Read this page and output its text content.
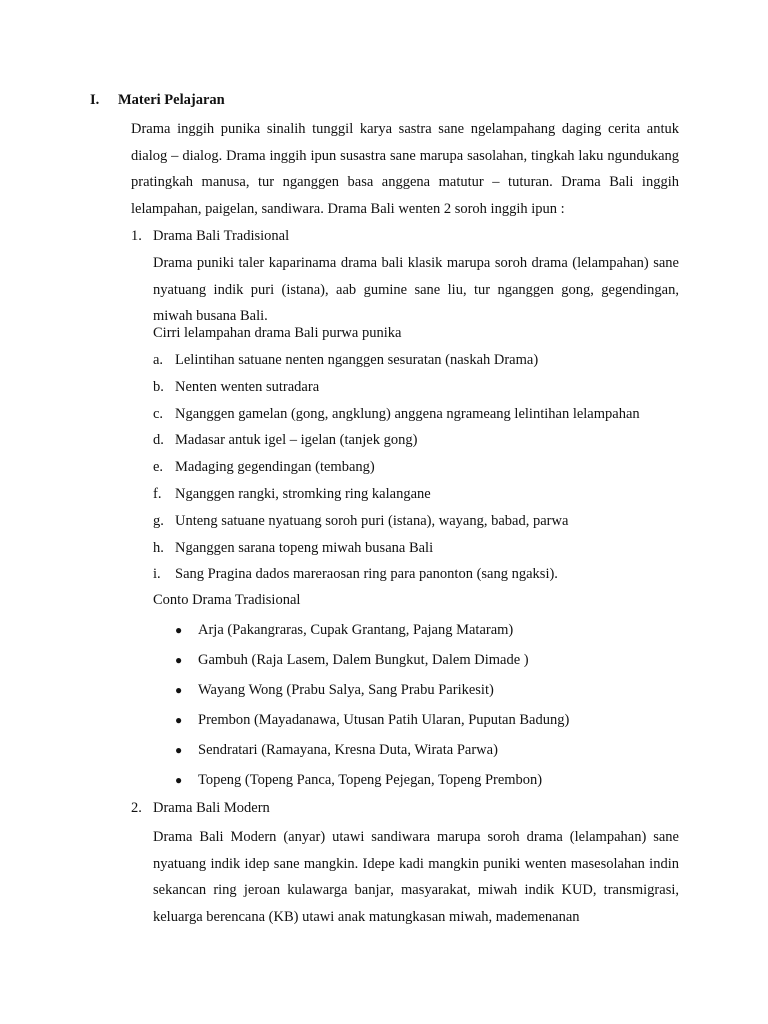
I. Materi Pelajaran
Drama inggih punika sinalih tunggil karya sastra sane ngelampahang daging cerita antuk dialog – dialog. Drama inggih ipun susastra sane marupa sasolahan, tingkah laku ngundukang pratingkah manusa, tur nganggen basa anggena matutur – tuturan. Drama Bali inggih lelampahan, paigelan, sandiwara. Drama Bali wenten 2 soroh inggih ipun :
1. Drama Bali Tradisional
Drama puniki taler kaparinama drama bali klasik marupa soroh drama (lelampahan) sane nyatuang indik puri (istana), aab gumine sane liu, tur nganggen gong, gegendingan, miwah busana Bali.
Cirri lelampahan drama Bali purwa punika
a. Lelintihan satuane nenten nganggen sesuratan (naskah Drama)
b. Nenten wenten sutradara
c. Nganggen gamelan (gong, angklung) anggena ngrameang lelintihan lelampahan
d. Madasar antuk igel – igelan (tanjek gong)
e. Madaging gegendingan (tembang)
f. Nganggen rangki, stromking ring kalangane
g. Unteng satuane nyatuang soroh puri (istana), wayang, babad, parwa
h. Nganggen sarana topeng miwah busana Bali
i. Sang Pragina dados mareraosan ring para panonton (sang ngaksi).
Conto Drama Tradisional
● Arja (Pakangraras, Cupak Grantang, Pajang Mataram)
● Gambuh (Raja Lasem, Dalem Bungkut, Dalem Dimade )
● Wayang Wong (Prabu Salya, Sang Prabu Parikesit)
● Prembon (Mayadanawa, Utusan Patih Ularan, Puputan Badung)
● Sendratari (Ramayana, Kresna Duta, Wirata Parwa)
● Topeng (Topeng Panca, Topeng Pejegan, Topeng Prembon)
2. Drama Bali Modern
Drama Bali Modern (anyar) utawi sandiwara marupa soroh drama (lelampahan) sane nyatuang indik idep sane mangkin. Idepe kadi mangkin puniki wenten masesolahan indin sekancan ring jeroan kulawarga banjar, masyarakat, miwah indik KUD, transmigrasi, keluarga berencana (KB) utawi anak matungkasan miwah, mademenanan
